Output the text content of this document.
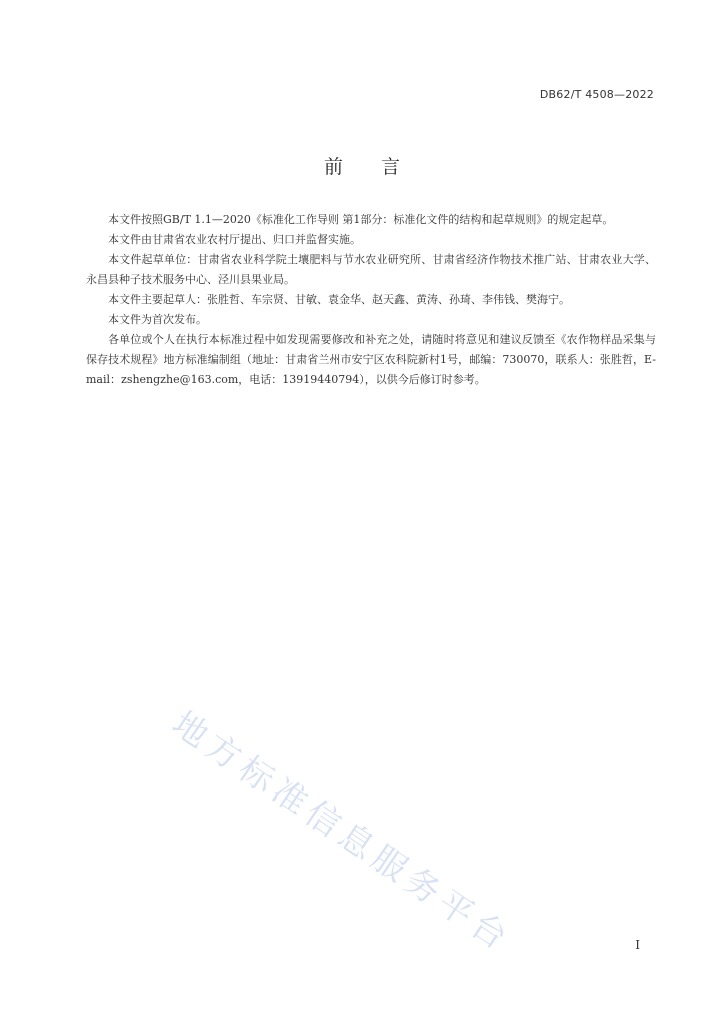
DB62/T 4508—2022
前言

本文件按照GB/T 1.1—2020《标准化工作导则 第1部分：标准化文件的结构和起草规则》的规定起草。

本文件由甘肃省农业农村厅提出、归口并监督实施。

本文件起草单位：甘肃省农业科学院土壤肥料与节水农业研究所、甘肃省经济作物技术推广站、甘肃农业大学、永昌县种子技术服务中心、泾川县果业局。

本文件主要起草人：张胜哲、车宗贤、甘敏、袁金华、赵天鑫、黄涛、孙琦、李伟钱、樊海宁。

本文件为首次发布。

各单位或个人在执行本标准过程中如发现需要修改和补充之处，请随时将意见和建议反馈至《农作物样品采集与保存技术规程》地方标准编制组（地址：甘肃省兰州市安宁区农科院新村1号，邮编：730070，联系人：张胜哲，E-mail：zshengzhe@163.com，电话：13919440794），以供今后修订时参考。

地方标准信息服务平台	I
